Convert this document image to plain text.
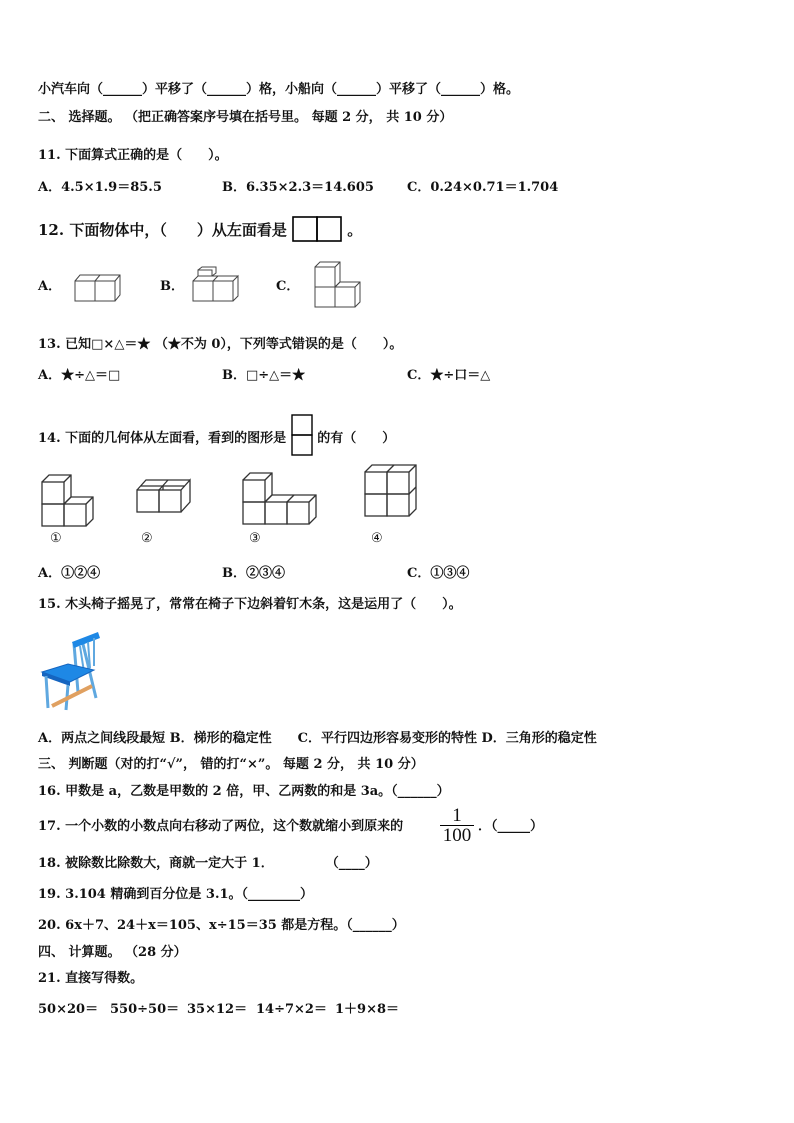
小汽车向（______）平移了（______）格，小船向（______）平移了（______）格。
二、 选择题。 （把正确答案序号填在括号里。 每题 2 分， 共 10 分）
11. 下面算式正确的是（　　）。
A．4.5×1.9＝85.5	B．6.35×2.3＝14.605	C．0.24×0.71＝1.704
12. 下面物体中，（　　）从左面看是	。
A．	B．	C．
13. 已知□×△＝★ （★不为 0），下列等式错误的是（　　）。
A．★÷△＝□	B．□÷△＝★	C．★÷口＝△
14. 下面的几何体从左面看，看到的图形是 的有（　　）
①	②	③	④
A．①②④	B．②③④	C．①③④
15. 木头椅子摇晃了，常常在椅子下边斜着钉木条，这是运用了（　　）。
A．两点之间线段最短 B．梯形的稳定性　　C．平行四边形容易变形的特性 D．三角形的稳定性
三、 判断题（对的打“√”， 错的打“×”。 每题 2 分， 共 10 分）
16. 甲数是 a，乙数是甲数的 2 倍，甲、乙两数的和是 3a。（______）
17. 一个小数的小数点向右移动了两位，这个数就缩小到原来的 $\frac{1}{100}$ ．（_____）
18. 被除数比除数大，商就一定大于 1．　　　　　（____）
19. 3.104 精确到百分位是 3.1。（________）
20. 6x＋7、24＋x＝105、x÷15＝35 都是方程。（______）
四、 计算题。 （28 分）
21. 直接写得数。
50×20＝ 550÷50＝ 35×12＝ 14÷7×2＝ 1＋9×8＝
